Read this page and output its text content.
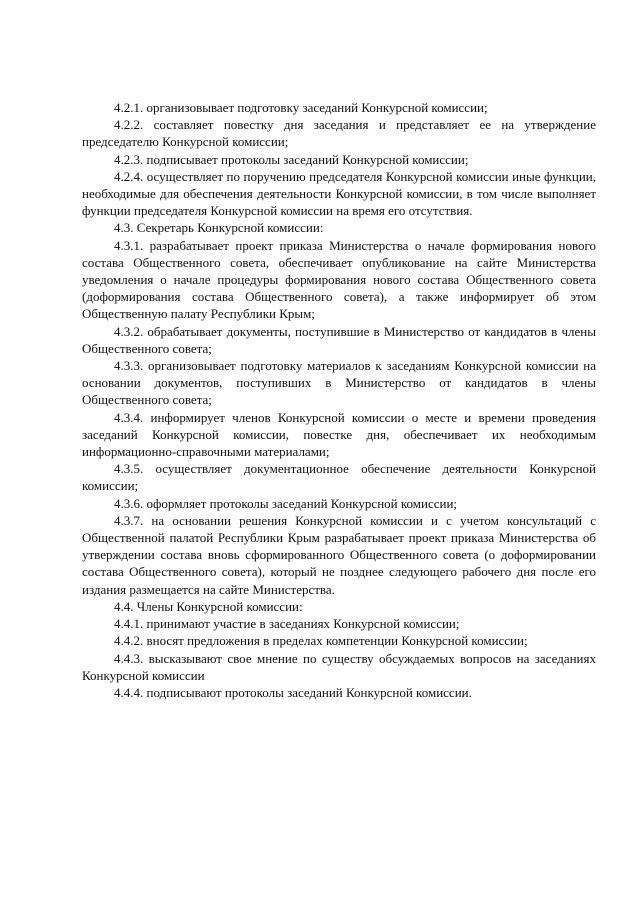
4.2.1. организовывает подготовку заседаний Конкурсной комиссии;

4.2.2. составляет повестку дня заседания и представляет ее на утверждение председателю Конкурсной комиссии;

4.2.3. подписывает протоколы заседаний Конкурсной комиссии;

4.2.4. осуществляет по поручению председателя Конкурсной комиссии иные функции, необходимые для обеспечения деятельности Конкурсной комиссии, в том числе выполняет функции председателя Конкурсной комиссии на время его отсутствия.

4.3. Секретарь Конкурсной комиссии:

4.3.1. разрабатывает проект приказа Министерства о начале формирования нового состава Общественного совета, обеспечивает опубликование на сайте Министерства уведомления о начале процедуры формирования нового состава Общественного совета (доформирования состава Общественного совета), а также информирует об этом Общественную палату Республики Крым;

4.3.2. обрабатывает документы, поступившие в Министерство от кандидатов в члены Общественного совета;

4.3.3. организовывает подготовку материалов к заседаниям Конкурсной комиссии на основании документов, поступивших в Министерство от кандидатов в члены Общественного совета;

4.3.4. информирует членов Конкурсной комиссии о месте и времени проведения заседаний Конкурсной комиссии, повестке дня, обеспечивает их необходимым информационно-справочными материалами;

4.3.5. осуществляет документационное обеспечение деятельности Конкурсной комиссии;

4.3.6. оформляет протоколы заседаний Конкурсной комиссии;

4.3.7. на основании решения Конкурсной комиссии и с учетом консультаций с Общественной палатой Республики Крым разрабатывает проект приказа Министерства об утверждении состава вновь сформированного Общественного совета (о доформировании состава Общественного совета), который не позднее следующего рабочего дня после его издания размещается на сайте Министерства.

4.4. Члены Конкурсной комиссии:

4.4.1. принимают участие в заседаниях Конкурсной комиссии;

4.4.2. вносят предложения в пределах компетенции Конкурсной комиссии;

4.4.3. высказывают свое мнение по существу обсуждаемых вопросов на заседаниях Конкурсной комиссии

4.4.4. подписывают протоколы заседаний Конкурсной комиссии.
